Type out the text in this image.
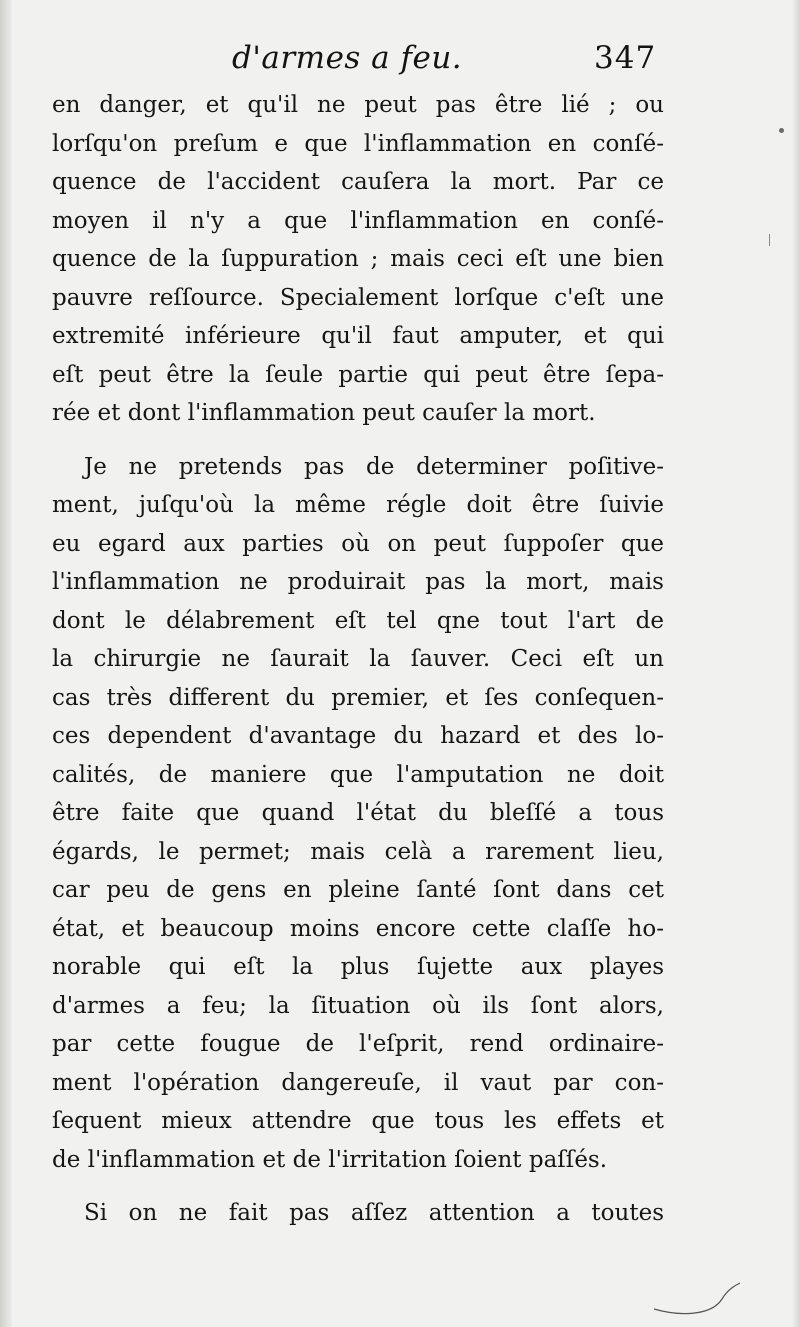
d'armes a feu.	347
en danger, et qu'il ne peut pas être lié ; ou
lorſqu'on preſum e que l'inflammation en conſé-
quence de l'accident cauſera la mort. Par ce
moyen il n'y a que l'inflammation en conſé-
quence de la ſuppuration ; mais ceci eſt une bien
pauvre reſſource. Specialement lorſque c'eſt une
extremité inférieure qu'il faut amputer, et qui
eſt peut être la ſeule partie qui peut être ſepa-
rée et dont l'inflammation peut cauſer la mort.
Je ne pretends pas de determiner poſitive-
ment, juſqu'où la même régle doit être ſuivie
eu egard aux parties où on peut ſuppoſer que
l'inflammation ne produirait pas la mort, mais
dont le délabrement eſt tel qne tout l'art de
la chirurgie ne ſaurait la ſauver. Ceci eſt un
cas très different du premier, et ſes conſequen-
ces dependent d'avantage du hazard et des lo-
calités, de maniere que l'amputation ne doit
être faite que quand l'état du bleſſé a tous
égards, le permet; mais celà a rarement lieu,
car peu de gens en pleine ſanté ſont dans cet
état, et beaucoup moins encore cette claſſe ho-
norable qui eſt la plus ſujette aux playes
d'armes a feu; la ſituation où ils ſont alors,
par cette fougue de l'eſprit, rend ordinaire-
ment l'opération dangereuſe, il vaut par con-
ſequent mieux attendre que tous les effets et
de l'inflammation et de l'irritation ſoient paſſés.
Si on ne fait pas aſſez attention a toutes
